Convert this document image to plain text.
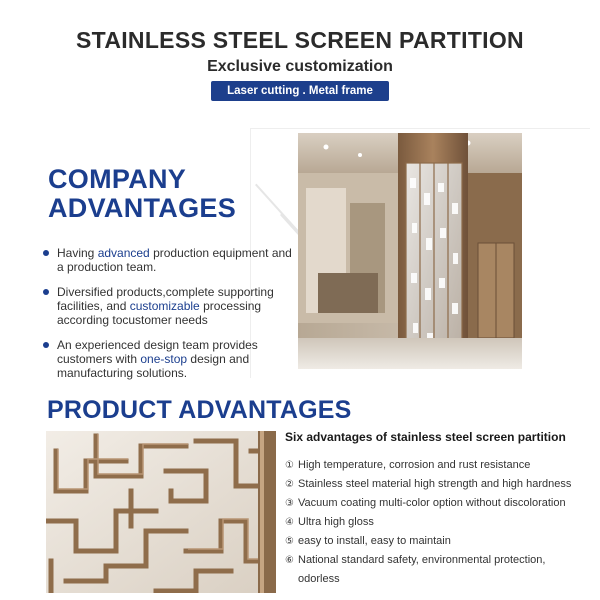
STAINLESS STEEL SCREEN PARTITION
Exclusive customization
Laser cutting . Metal frame
COMPANY
ADVANTAGES
Having advanced production equipment and a production team.
Diversified products,complete supporting facilities, and customizable processing according tocustomer needs
An experienced design team provides customers with one-stop design and manufacturing solutions.
PRODUCT ADVANTAGES
Six advantages of stainless steel screen partition
① High temperature, corrosion and rust resistance
② Stainless steel material high strength and high hardness
③ Vacuum coating multi-color option without discoloration
④ Ultra high gloss
⑤ easy to install, easy to maintain
⑥ National standard safety, environmental protection,
odorless
